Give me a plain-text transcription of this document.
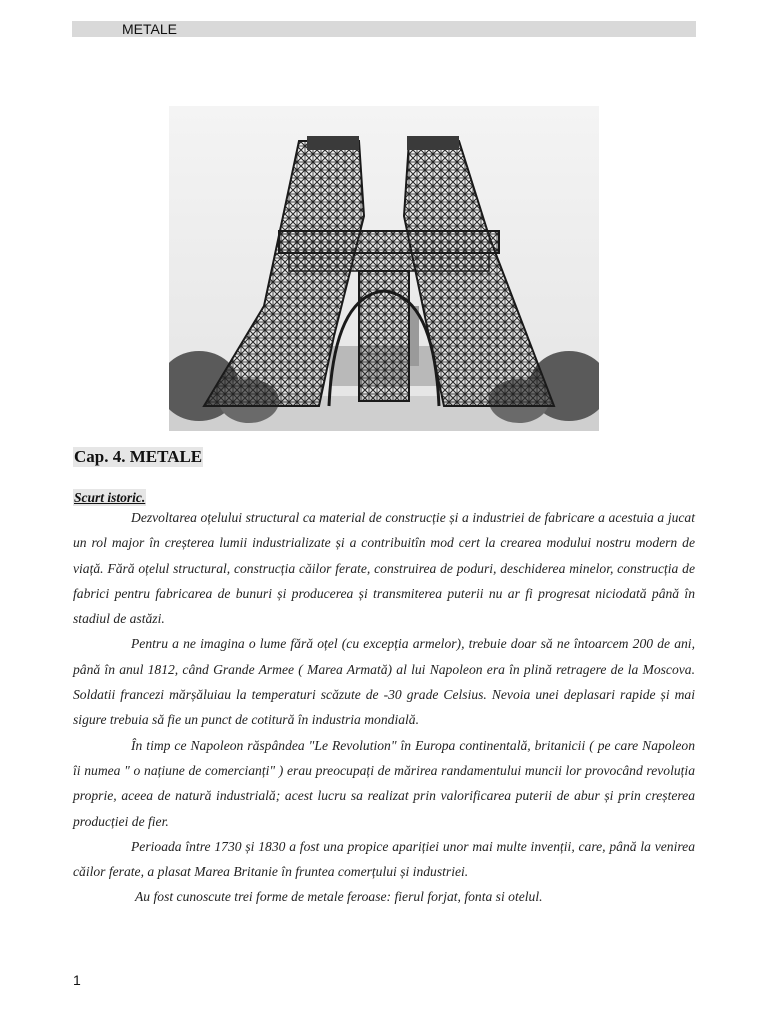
METALE
Cap. 4. METALE
Scurt istoric.

Dezvoltarea oțelului structural ca material de construcție și a industriei de fabricare a acestuia a jucat un rol major în creșterea lumii industrializate și a contribuitîn mod cert la crearea modului nostru modern de viață. Fără oțelul structural, construcția căilor ferate, construirea de poduri, deschiderea minelor, construcția de fabrici pentru fabricarea de bunuri și producerea și transmiterea puterii nu ar fi progresat niciodată până în stadiul de astăzi.

Pentru a ne imagina o lume fără oțel (cu excepția armelor), trebuie doar să ne întoarcem 200 de ani, până în anul 1812, când Grande Armee ( Marea Armată) al lui Napoleon era în plină retragere de la Moscova. Soldatii francezi mărșăluiau la temperaturi scăzute de -30 grade Celsius. Nevoia unei deplasari rapide și mai sigure trebuia să fie un punct de cotitură în industria mondială.

În timp ce Napoleon răspândea "Le Revolution" în Europa continentală, britanicii ( pe care Napoleon îi numea " o națiune de comercianți" ) erau preocupați de mărirea randamentului muncii lor provocând revoluția proprie, aceea de natură industrială; acest lucru sa realizat prin valorificarea puterii de abur și prin creșterea producției de fier.

Perioada între 1730 și 1830 a fost una propice apariției unor mai multe invenții, care, până la venirea căilor ferate, a plasat Marea Britanie în fruntea comerțului și industriei.

Au fost cunoscute trei forme de metale feroase: fierul forjat, fonta si otelul.

1
